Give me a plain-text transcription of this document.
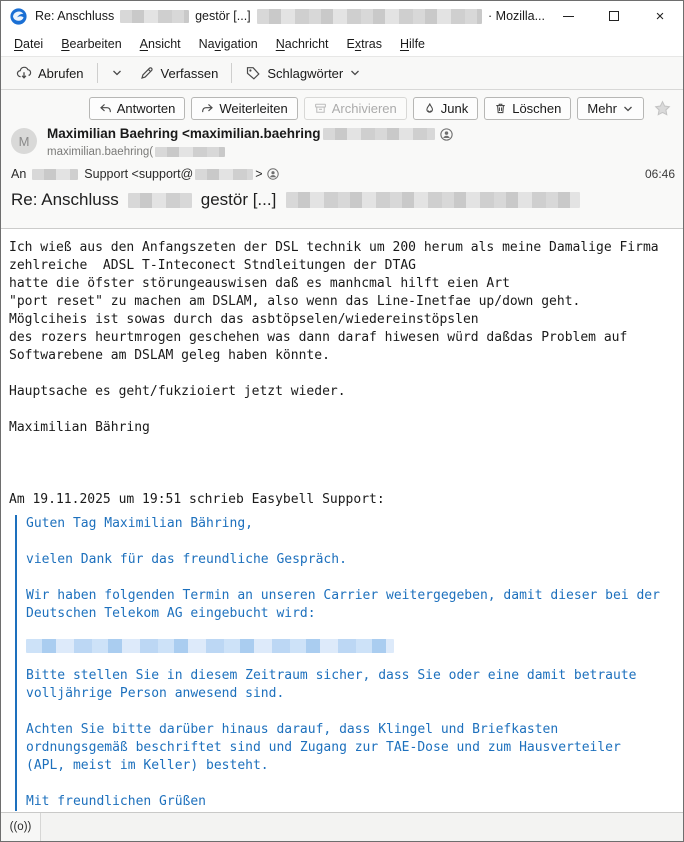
Re: Anschluss	gestör [...]	· Mozilla...	×
Datei	Bearbeiten	Ansicht	Navigation	Nachricht	Extras	Hilfe
Abrufen	Verfassen	Schlagwörter
Antworten	Weiterleiten	Archivieren	Junk	Löschen Mehr
M	Maximilian Baehring <maximilian.baehring
maximilian.baehring(
An	Support <support@	>	06:46
Re: Anschluss	gestör [...]
Ich wieß aus den Anfangszeten der DSL technik um 200 herum als meine Damalige Firma
zehlreiche  ADSL T-Inteconect Stndleitungen der DTAG
hatte die öfster störungeauswisen daß es manhcmal hilft eien Art
"port reset" zu machen am DSLAM, also wenn das Line-Inetfae up/down geht.
Möglciheis ist sowas durch das asbtöpselen/wiedereinstöpslen
des rozers heurtmrogen geschehen was dann daraf hiwesen würd daßdas Problem auf
Softwarebene am DSLAM geleg haben könnte.

Hauptsache es geht/fukzioiert jetzt wieder.

Maximilian Bähring

Am 19.11.2025 um 19:51 schrieb Easybell Support:
Guten Tag Maximilian Bähring,

vielen Dank für das freundliche Gespräch.

Wir haben folgenden Termin an unseren Carrier weitergegeben, damit dieser bei der
Deutschen Telekom AG eingebucht wird:
Bitte stellen Sie in diesem Zeitraum sicher, dass Sie oder eine damit betraute
volljährige Person anwesend sind.

Achten Sie bitte darüber hinaus darauf, dass Klingel und Briefkasten
ordnungsgemäß beschriftet sind und Zugang zur TAE-Dose und zum Hausverteiler
(APL, meist im Keller) besteht.

Mit freundlichen Grüßen
((o))
